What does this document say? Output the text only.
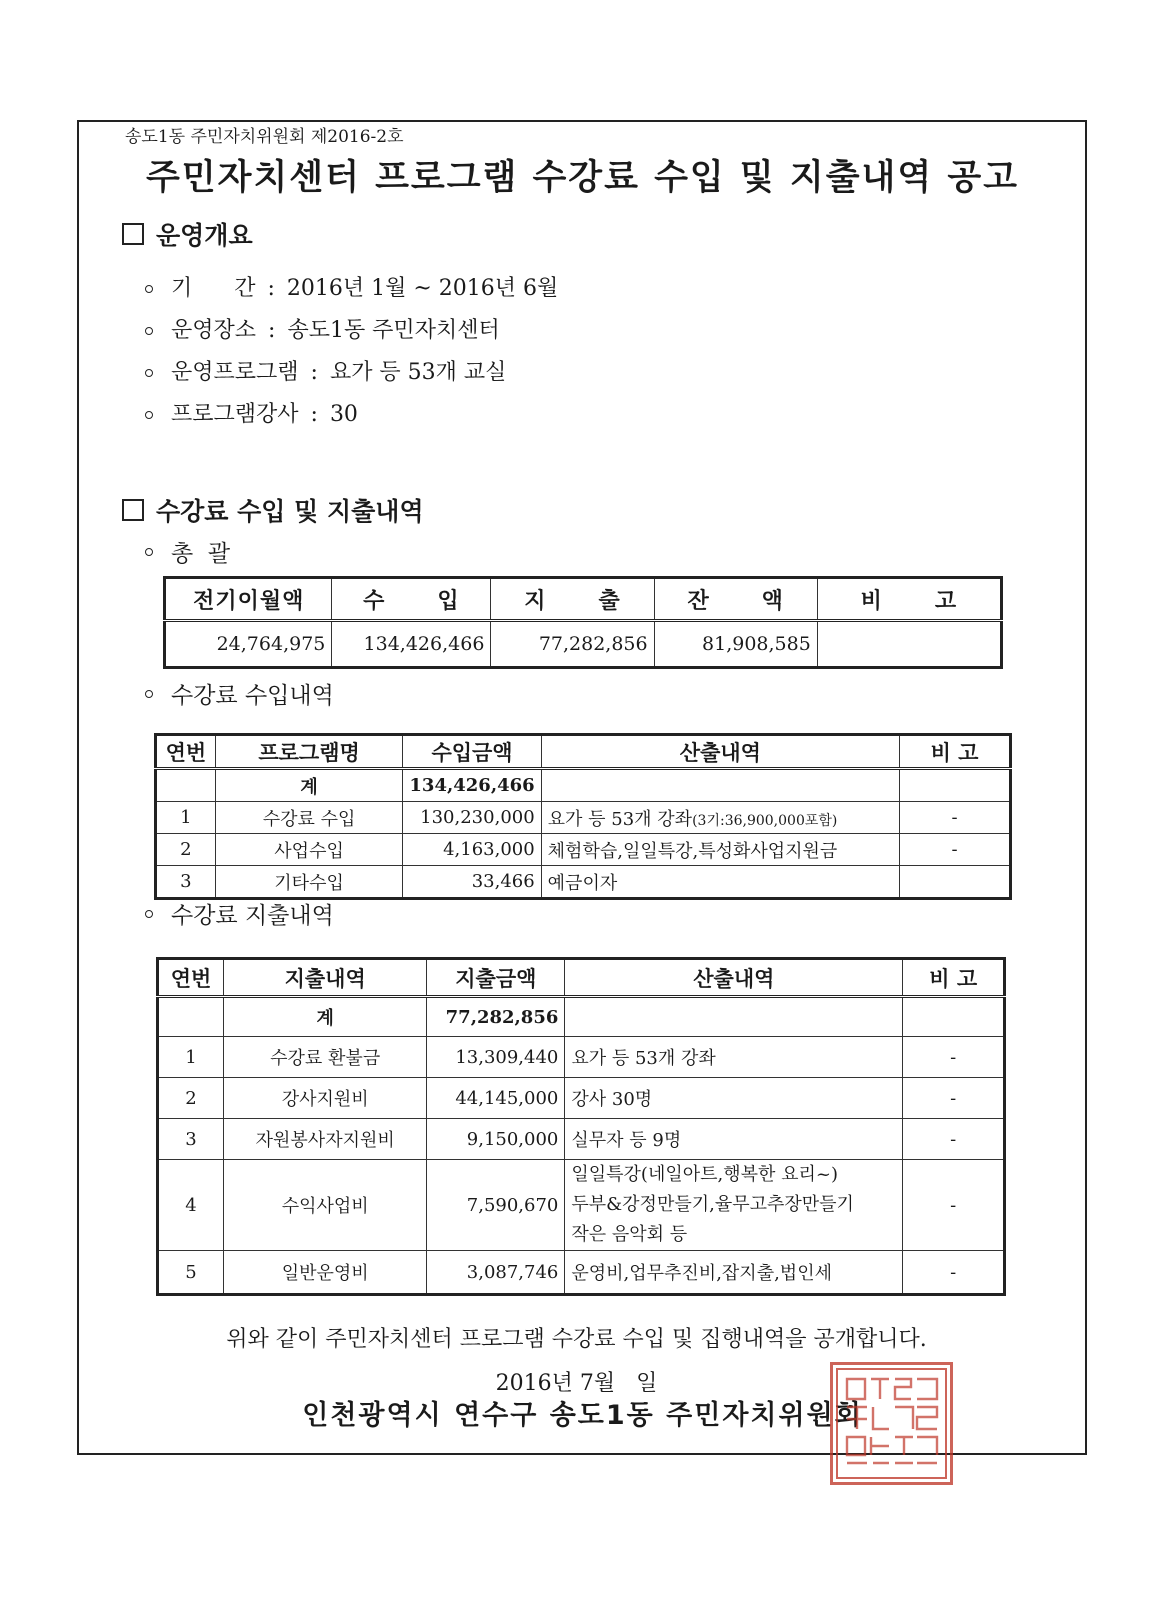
송도1동 주민자치위원회 제2016-2호
주민자치센터 프로그램 수강료 수입 및 지출내역 공고
운영개요
기      간 : 2016년 1월 ~ 2016년 6월
운영장소 : 송도1동 주민자치센터
운영프로그램 : 요가 등 53개 교실
프로그램강사 : 30
수강료 수입 및 지출내역
총  괄
전기이월액	수      입	지      출	잔      액	비      고
24,764,975	134,426,466	77,282,856	81,908,585	
수강료 수입내역
연번	프로그램명	수입금액	산출내역	비 고
	계	134,426,466		
1	수강료 수입	130,230,000	요가 등 53개 강좌(3기:36,900,000포함)	-
2	사업수입	4,163,000	체험학습,일일특강,특성화사업지원금	-
3	기타수입	33,466	예금이자	
수강료 지출내역
연번	지출내역	지출금액	산출내역	비 고
	계	77,282,856		
1	수강료 환불금	13,309,440	요가 등 53개 강좌	-
2	강사지원비	44,145,000	강사 30명	-
3	자원봉사자지원비	9,150,000	실무자 등 9명	-
4	수익사업비	7,590,670	일일특강(네일아트,행복한 요리~)
두부&강정만들기,율무고추장만들기
작은 음악회 등	-
5	일반운영비	3,087,746	운영비,업무추진비,잡지출,법인세	-
위와 같이 주민자치센터 프로그램 수강료 수입 및 집행내역을 공개합니다.
2016년 7월   일
인천광역시 연수구 송도1동 주민자치위원회
